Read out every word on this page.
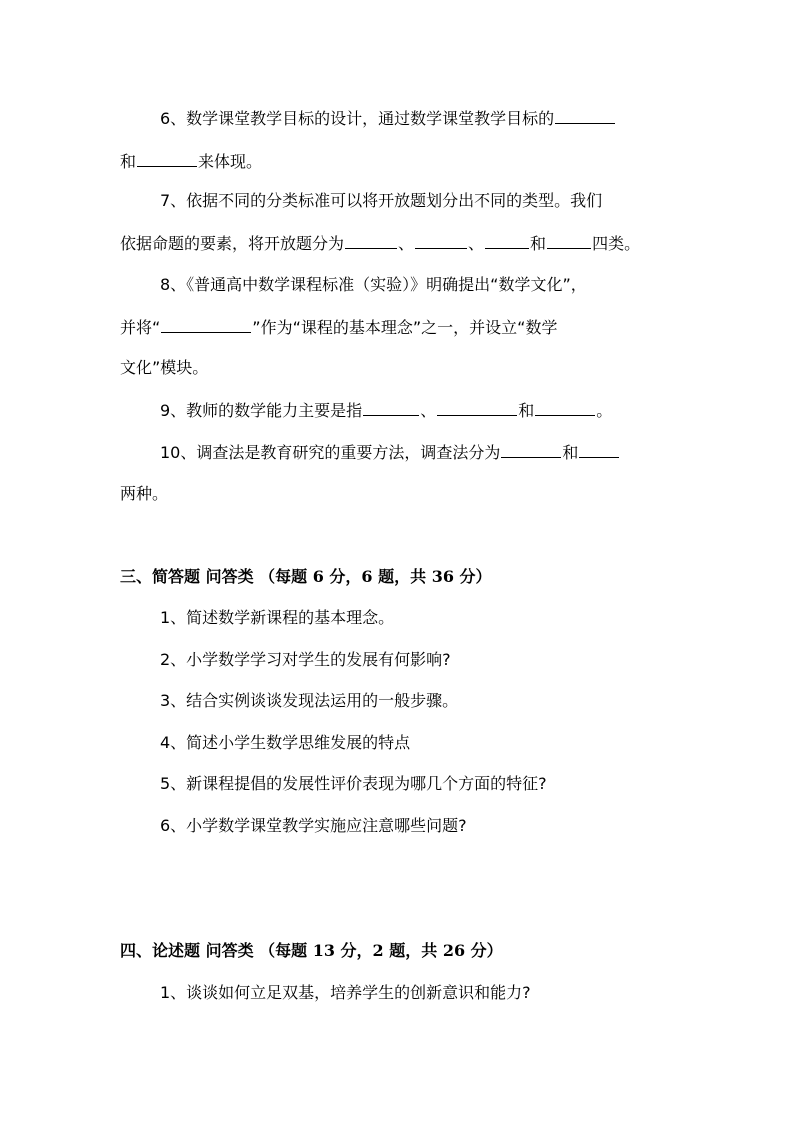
6、数学课堂教学目标的设计，通过数学课堂教学目标的
和	来体现。
7、依据不同的分类标准可以将开放题划分出不同的类型。我们
依据命题的要素，将开放题分为	、	、	和	四类。
8、《普通高中数学课程标准（实验）》明确提出“数学文化”，
并将“	”作为“课程的基本理念”之一，并设立“数学
文化”模块。
9、教师的数学能力主要是指	、	和	。
10、调查法是教育研究的重要方法，调查法分为	和
两种。
三、简答题 问答类 （每题 6 分，6 题，共 36 分）
1、简述数学新课程的基本理念。
2、小学数学学习对学生的发展有何影响?
3、结合实例谈谈发现法运用的一般步骤。
4、简述小学生数学思维发展的特点
5、新课程提倡的发展性评价表现为哪几个方面的特征?
6、小学数学课堂教学实施应注意哪些问题?
四、论述题 问答类 （每题 13 分，2 题，共 26 分）
1、谈谈如何立足双基，培养学生的创新意识和能力?
